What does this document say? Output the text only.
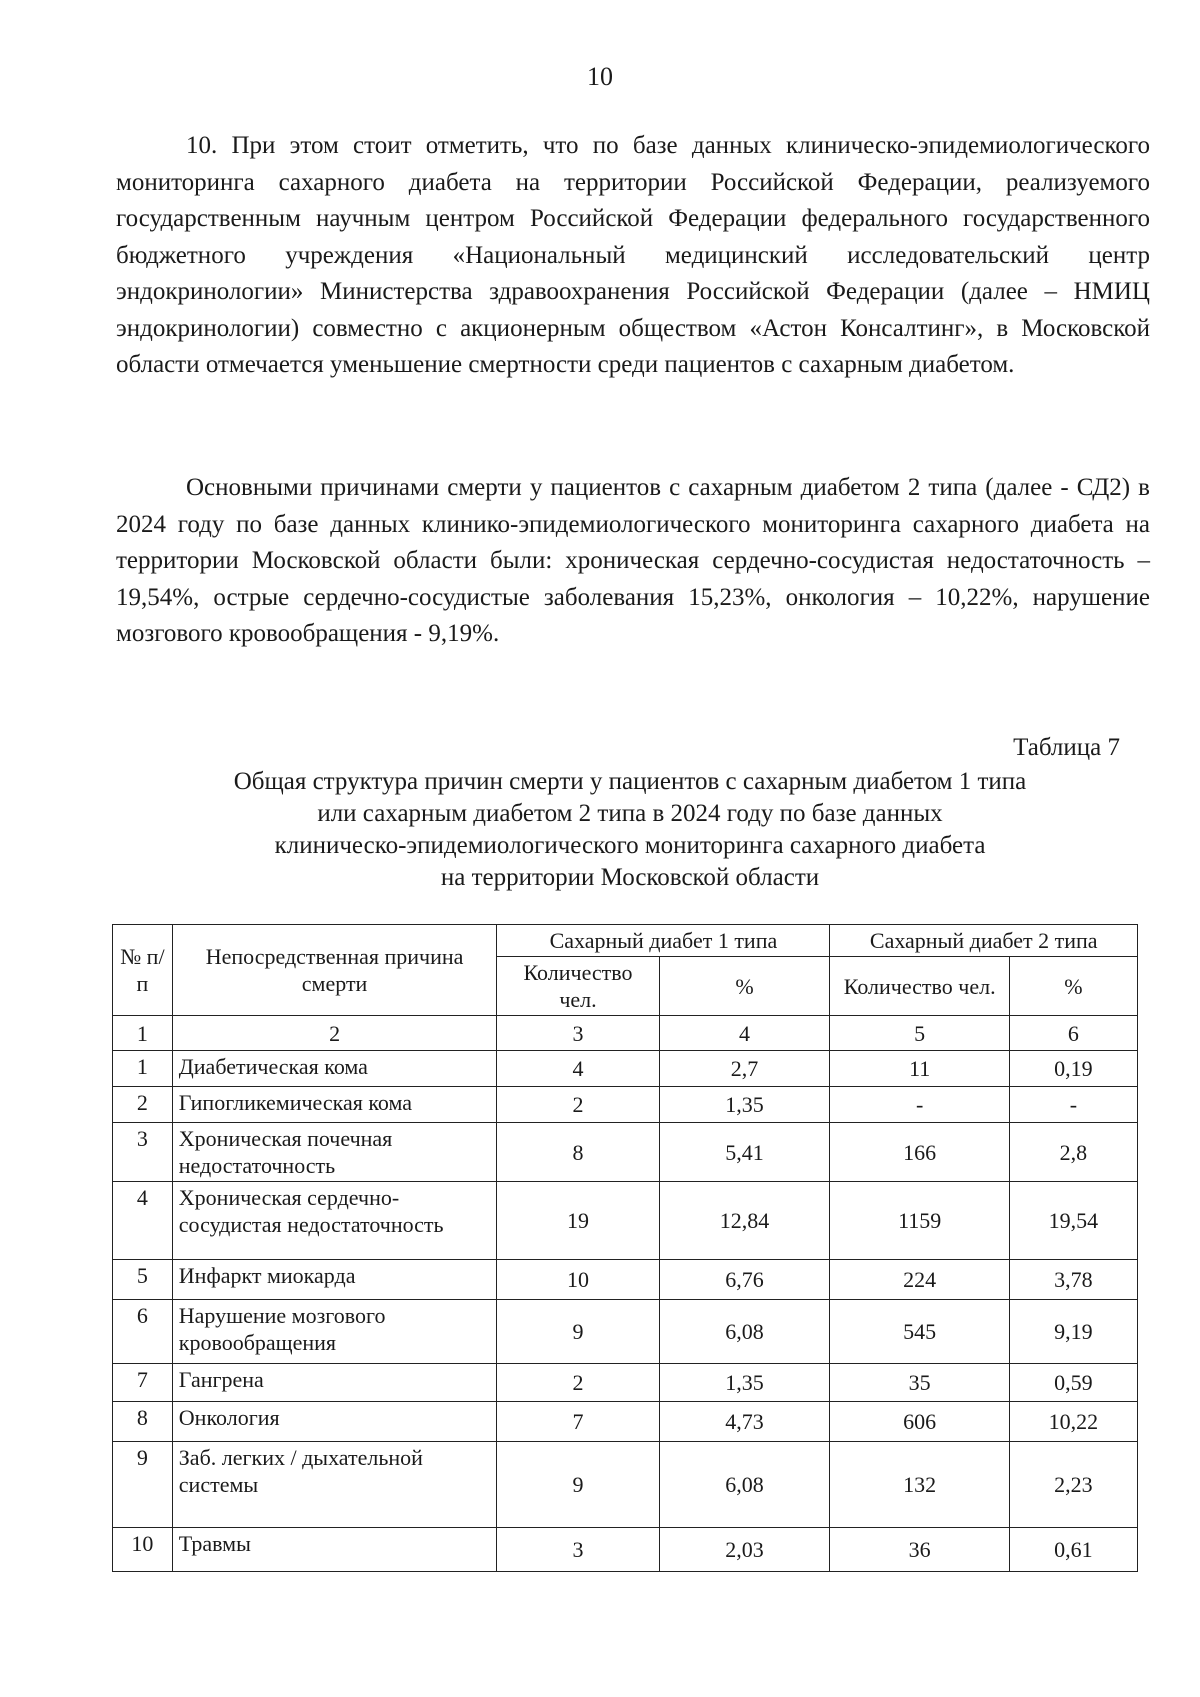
10

10. При этом стоит отметить, что по базе данных клиническо-эпидемиологического мониторинга сахарного диабета на территории Российской Федерации, реализуемого государственным научным центром Российской Федерации федерального государственного бюджетного учреждения «Национальный медицинский исследовательский центр эндокринологии» Министерства здравоохранения Российской Федерации (далее – НМИЦ эндокринологии) совместно с акционерным обществом «Астон Консалтинг», в Московской области отмечается уменьшение смертности среди пациентов с сахарным диабетом.

Основными причинами смерти у пациентов с сахарным диабетом 2 типа (далее - СД2) в 2024 году по базе данных клинико-эпидемиологического мониторинга сахарного диабета на территории Московской области были: хроническая сердечно-сосудистая недостаточность – 19,54%, острые сердечно-сосудистые заболевания 15,23%, онкология – 10,22%, нарушение мозгового кровообращения - 9,19%.

Таблица 7

Общая структура причин смерти у пациентов с сахарным диабетом 1 типа
или сахарным диабетом 2 типа в 2024 году по базе данных
клиническо-эпидемиологического мониторинга сахарного диабета
на территории Московской области

№ п/п	Непосредственная причина смерти	Сахарный диабет 1 типа		Сахарный диабет 2 типа	
		Количество чел.	%	Количество чел.	%
1	2	3	4	5	6
1	Диабетическая кома	4	2,7	11	0,19
2	Гипогликемическая кома	2	1,35	-	-
3	Хроническая почечная недостаточность	8	5,41	166	2,8
4	Хроническая сердечно-сосудистая недостаточность	19	12,84	1159	19,54
5	Инфаркт миокарда	10	6,76	224	3,78
6	Нарушение мозгового кровообращения	9	6,08	545	9,19
7	Гангрена	2	1,35	35	0,59
8	Онкология	7	4,73	606	10,22
9	Заб. легких / дыхательной системы	9	6,08	132	2,23
10	Травмы	3	2,03	36	0,61
